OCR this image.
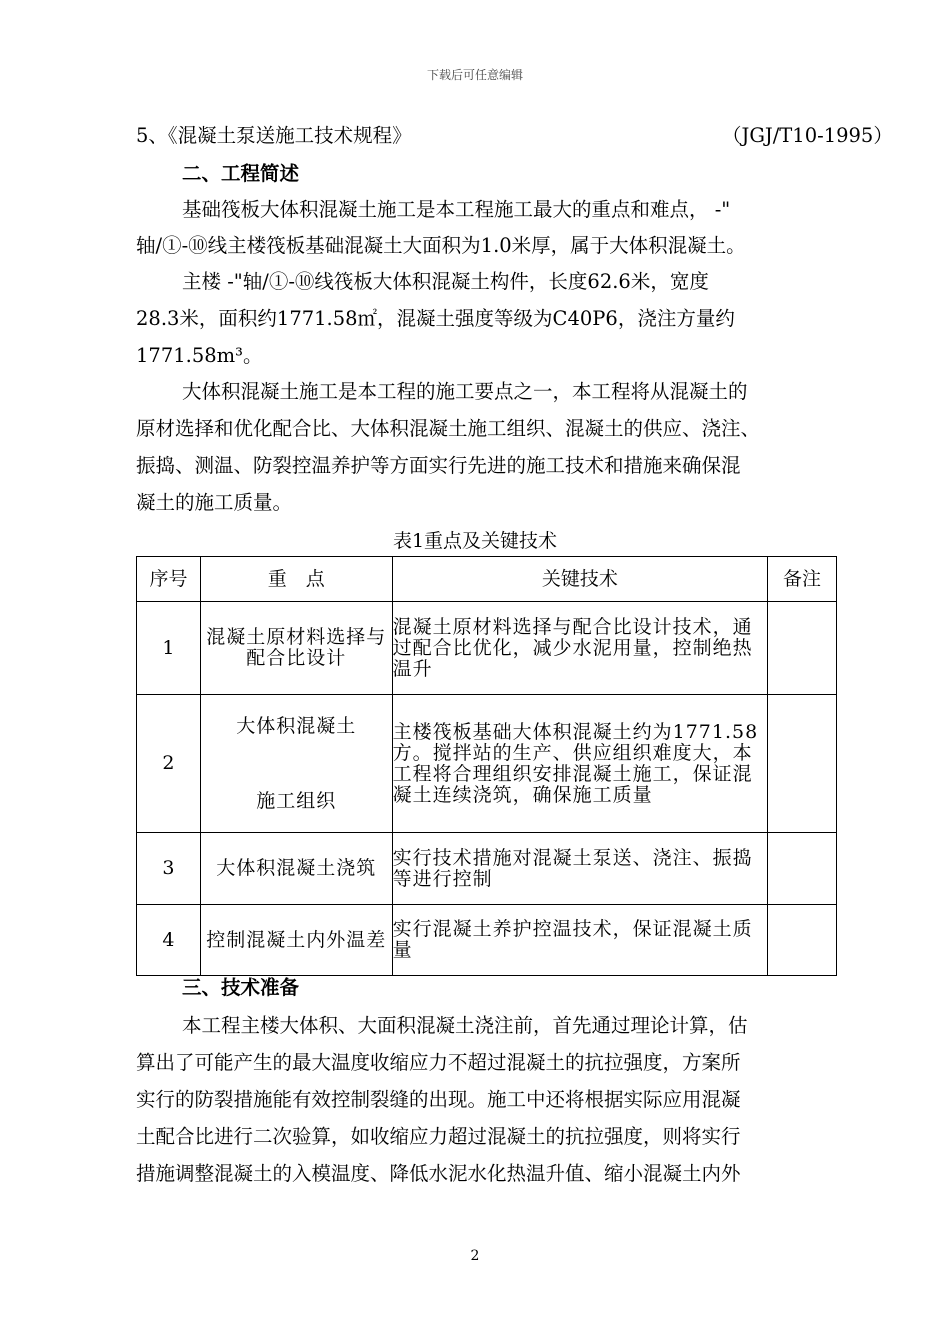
下载后可任意编辑
5、《混凝土泵送施工技术规程》	（JGJ/T10-1995）
二、工程简述
基础筏板大体积混凝土施工是本工程施工最大的重点和难点， -"
轴/①-⑩线主楼筏板基础混凝土大面积为1.0米厚，属于大体积混凝土。
主楼 -"轴/①-⑩线筏板大体积混凝土构件，长度62.6米，宽度
28.3米，面积约1771.58㎡，混凝土强度等级为C40P6，浇注方量约
1771.58m³。
大体积混凝土施工是本工程的施工要点之一，本工程将从混凝土的
原材选择和优化配合比、大体积混凝土施工组织、混凝土的供应、浇注、
振捣、测温、防裂控温养护等方面实行先进的施工技术和措施来确保混
凝土的施工质量。
表1重点及关键技术
序号	重　点	关键技术	备注
1	混凝土原材料选择与配合比设计	混凝土原材料选择与配合比设计技术，通过配合比优化，减少水泥用量，控制绝热温升	
2	大体积混凝土
施工组织	主楼筏板基础大体积混凝土约为1771.58方。搅拌站的生产、供应组织难度大，本工程将合理组织安排混凝土施工，保证混凝土连续浇筑，确保施工质量	
3	大体积混凝土浇筑	实行技术措施对混凝土泵送、浇注、振捣等进行控制	
4	控制混凝土内外温差	实行混凝土养护控温技术，保证混凝土质量	
三、技术准备
本工程主楼大体积、大面积混凝土浇注前，首先通过理论计算，估
算出了可能产生的最大温度收缩应力不超过混凝土的抗拉强度，方案所
实行的防裂措施能有效控制裂缝的出现。施工中还将根据实际应用混凝
土配合比进行二次验算，如收缩应力超过混凝土的抗拉强度，则将实行
措施调整混凝土的入模温度、降低水泥水化热温升值、缩小混凝土内外
2
